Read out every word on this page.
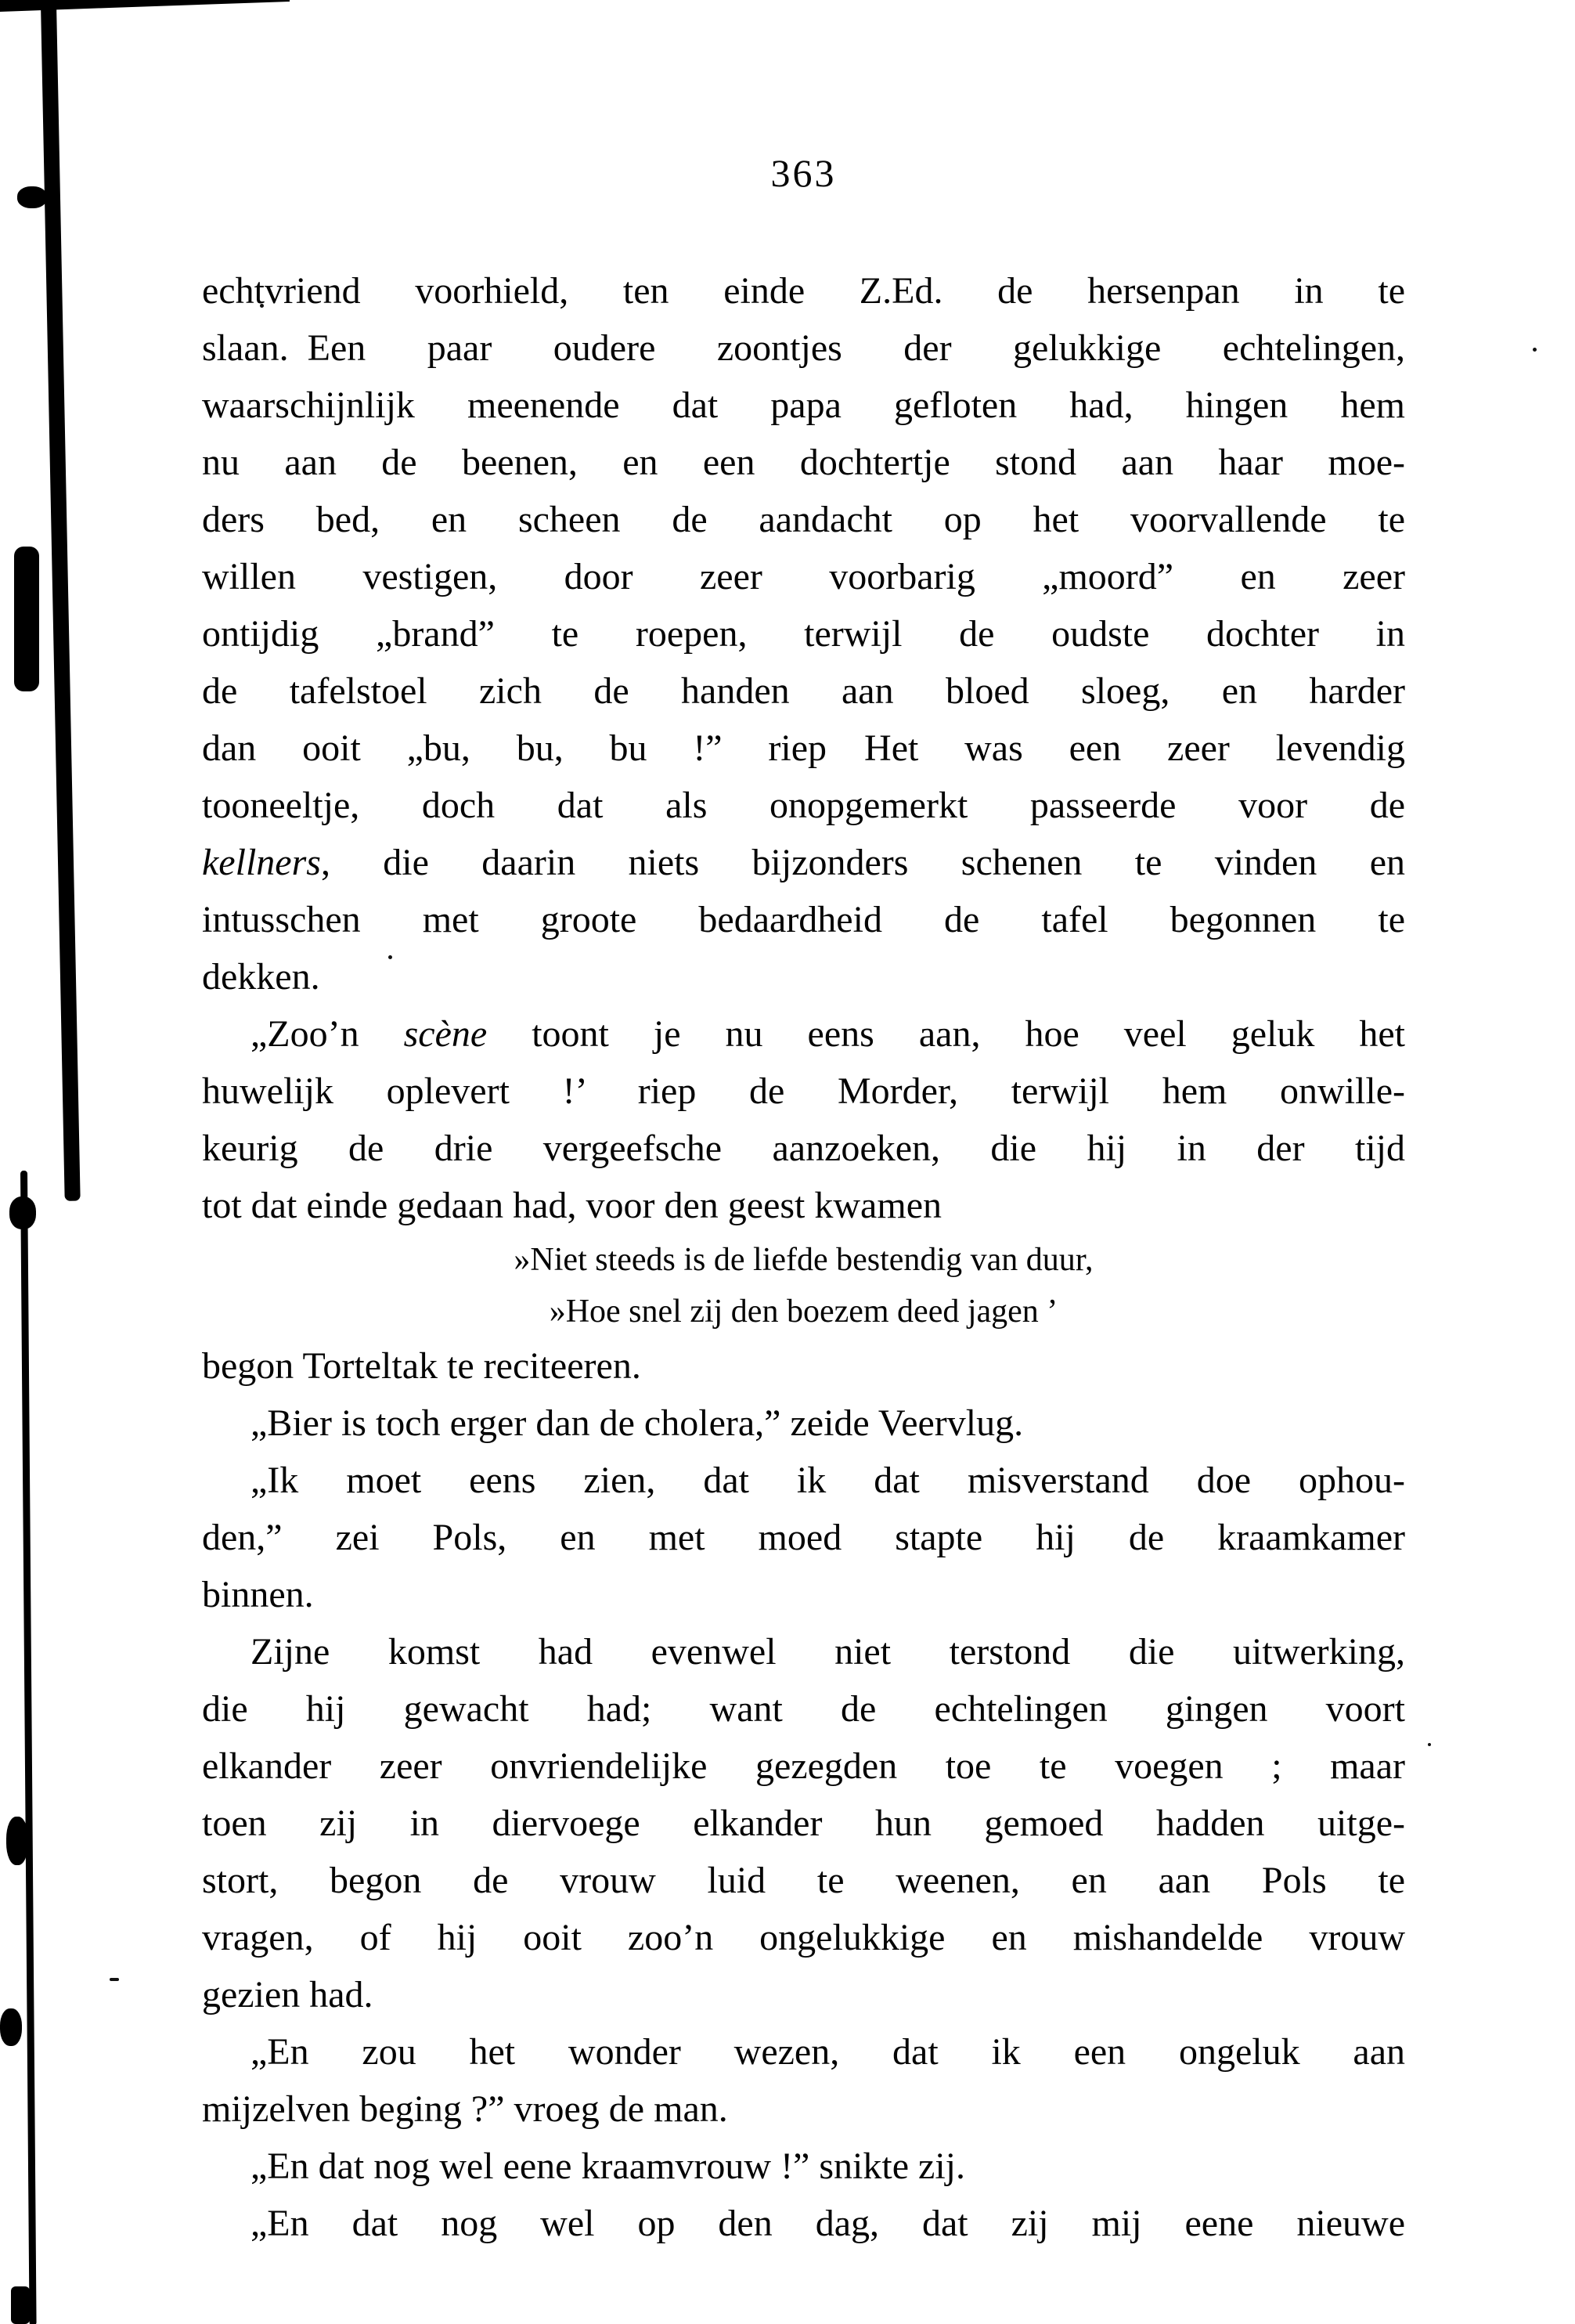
363
echtvriend voorhield, ten einde Z.Ed. de hersenpan in te
slaan. Een paar oudere zoontjes der gelukkige echtelingen,
waarschijnlijk meenende dat papa gefloten had, hingen hem
nu aan de beenen, en een dochtertje stond aan haar moe-
ders bed, en scheen de aandacht op het voorvallende te
willen vestigen, door zeer voorbarig „moord” en zeer
ontijdig „brand” te roepen, terwijl de oudste dochter in
de tafelstoel zich de handen aan bloed sloeg, en harder
dan ooit „bu, bu, bu !” riep Het was een zeer levendig
tooneeltje, doch dat als onopgemerkt passeerde voor de
kellners, die daarin niets bijzonders schenen te vinden en
intusschen met groote bedaardheid de tafel begonnen te
dekken.
„Zoo’n scène toont je nu eens aan, hoe veel geluk het
huwelijk oplevert !’ riep de Morder, terwijl hem onwille-
keurig de drie vergeefsche aanzoeken, die hij in der tijd
tot dat einde gedaan had, voor den geest kwamen
»Niet steeds is de liefde bestendig van duur,
»Hoe snel zij den boezem deed jagen ’
begon Torteltak te reciteeren.
„Bier is toch erger dan de cholera,” zeide Veervlug.
„Ik moet eens zien, dat ik dat misverstand doe ophou-
den,” zei Pols, en met moed stapte hij de kraamkamer
binnen.
Zijne komst had evenwel niet terstond die uitwerking,
die hij gewacht had; want de echtelingen gingen voort
elkander zeer onvriendelijke gezegden toe te voegen ; maar
toen zij in diervoege elkander hun gemoed hadden uitge-
stort, begon de vrouw luid te weenen, en aan Pols te
vragen, of hij ooit zoo’n ongelukkige en mishandelde vrouw
gezien had.
„En zou het wonder wezen, dat ik een ongeluk aan
mijzelven beging ?” vroeg de man.
„En dat nog wel eene kraamvrouw !” snikte zij.
„En dat nog wel op den dag, dat zij mij eene nieuwe
